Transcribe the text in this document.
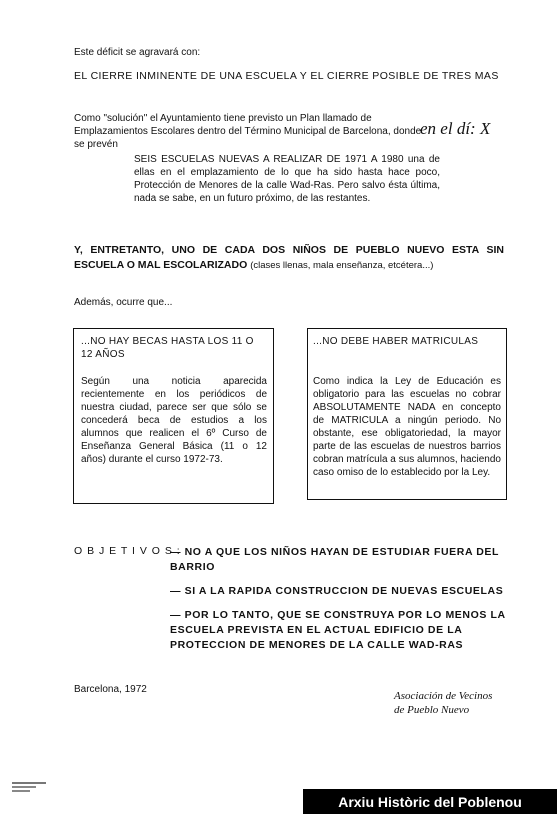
Este déficit se agravará con:
EL CIERRE INMINENTE DE UNA ESCUELA Y EL CIERRE POSIBLE DE TRES MAS
Como "solución" el Ayuntamiento tiene previsto un Plan llamado de Emplazamientos Escolares dentro del Término Municipal de Barcelona, donde se prevén
en el dí: X
SEIS ESCUELAS NUEVAS A REALIZAR DE 1971 A 1980 una de ellas en el emplazamiento de lo que ha sido hasta hace poco, Protección de Menores de la calle Wad-Ras. Pero salvo ésta última, nada se sabe, en un futuro próximo, de las restantes.
Y, ENTRETANTO, UNO DE CADA DOS NIÑOS DE PUEBLO NUEVO ESTA SIN ESCUELA O MAL ESCOLARIZADO (clases llenas, mala enseñanza, etcétera...)
Además, ocurre que...
...NO HAY BECAS HASTA LOS 11 O 12 AÑOS
Según una noticia aparecida recientemente en los periódicos de nuestra ciudad, parece ser que sólo se concederá beca de estudios a los alumnos que realicen el 6º Curso de Enseñanza General Básica (11 o 12 años) durante el curso 1972-73.
...NO DEBE HABER MATRICULAS
Como indica la Ley de Educación es obligatorio para las escuelas no cobrar ABSOLUTAMENTE NADA en concepto de MATRICULA a ningún periodo. No obstante, ese obligatoriedad, la mayor parte de las escuelas de nuestros barrios cobran matrícula a sus alumnos, haciendo caso omiso de lo establecido por la Ley.
O B J E T I V O S :
— NO A QUE LOS NIÑOS HAYAN DE ESTUDIAR FUERA DEL BARRIO
— SI A LA RAPIDA CONSTRUCCION DE NUEVAS ESCUELAS
— POR LO TANTO, QUE SE CONSTRUYA POR LO MENOS LA ESCUELA PREVISTA EN EL ACTUAL EDIFICIO DE LA PROTECCION DE MENORES DE LA CALLE WAD-RAS
Barcelona, 1972
Asociación de Vecinos
de Pueblo Nuevo
Arxiu Històric del Poblenou
